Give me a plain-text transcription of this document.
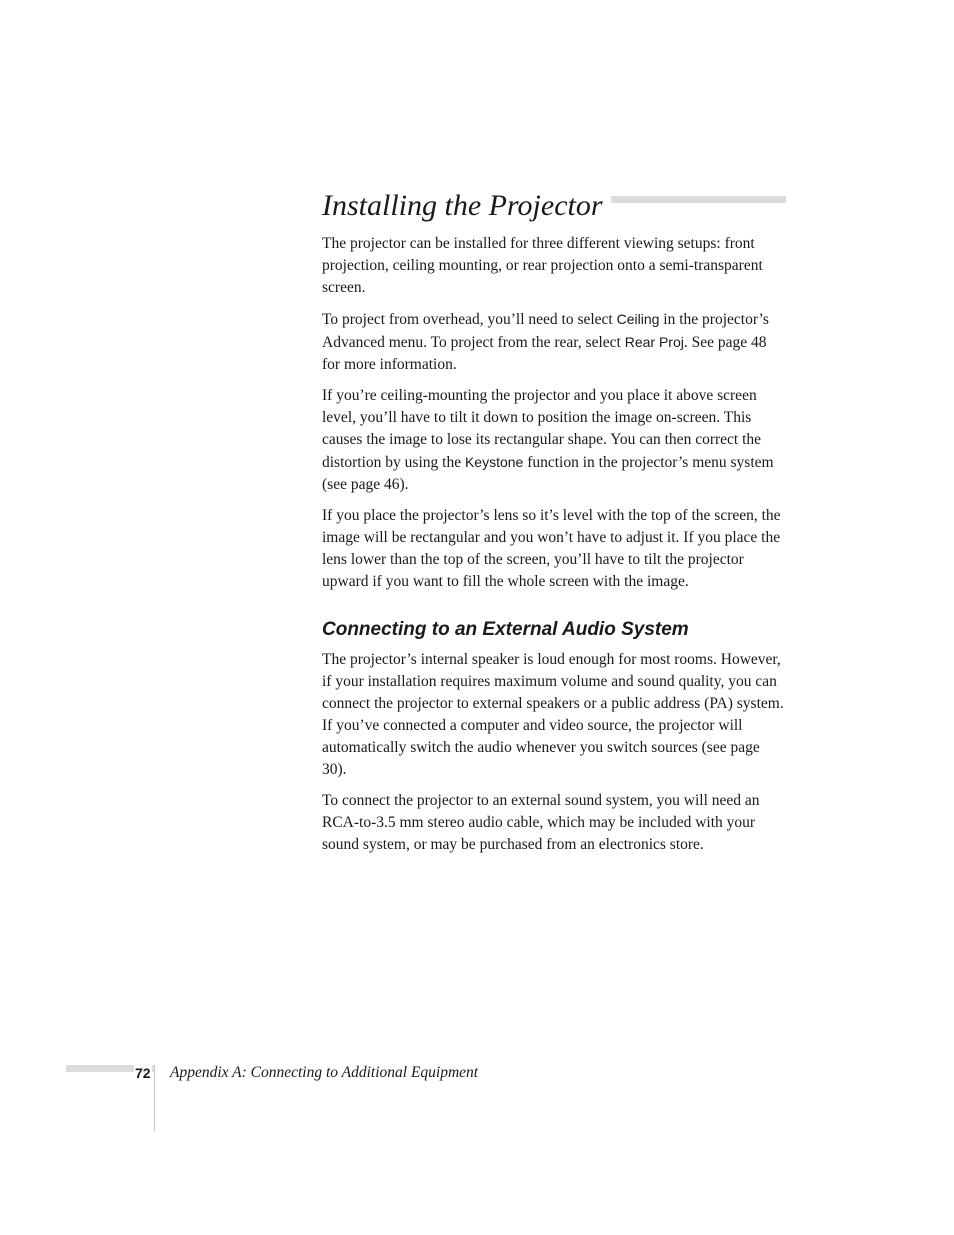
Installing the Projector

The projector can be installed for three different viewing setups: front projection, ceiling mounting, or rear projection onto a semi-transparent screen.

To project from overhead, you’ll need to select Ceiling in the projector’s Advanced menu. To project from the rear, select Rear Proj. See page 48 for more information.

If you’re ceiling-mounting the projector and you place it above screen level, you’ll have to tilt it down to position the image on-screen. This causes the image to lose its rectangular shape. You can then correct the distortion by using the Keystone function in the projector’s menu system (see page 46).

If you place the projector’s lens so it’s level with the top of the screen, the image will be rectangular and you won’t have to adjust it. If you place the lens lower than the top of the screen, you’ll have to tilt the projector upward if you want to fill the whole screen with the image.

Connecting to an External Audio System

The projector’s internal speaker is loud enough for most rooms. However, if your installation requires maximum volume and sound quality, you can connect the projector to external speakers or a public address (PA) system. If you’ve connected a computer and video source, the projector will automatically switch the audio whenever you switch sources (see page 30).

To connect the projector to an external sound system, you will need an RCA-to-3.5 mm stereo audio cable, which may be included with your sound system, or may be purchased from an electronics store.

72 Appendix A: Connecting to Additional Equipment
